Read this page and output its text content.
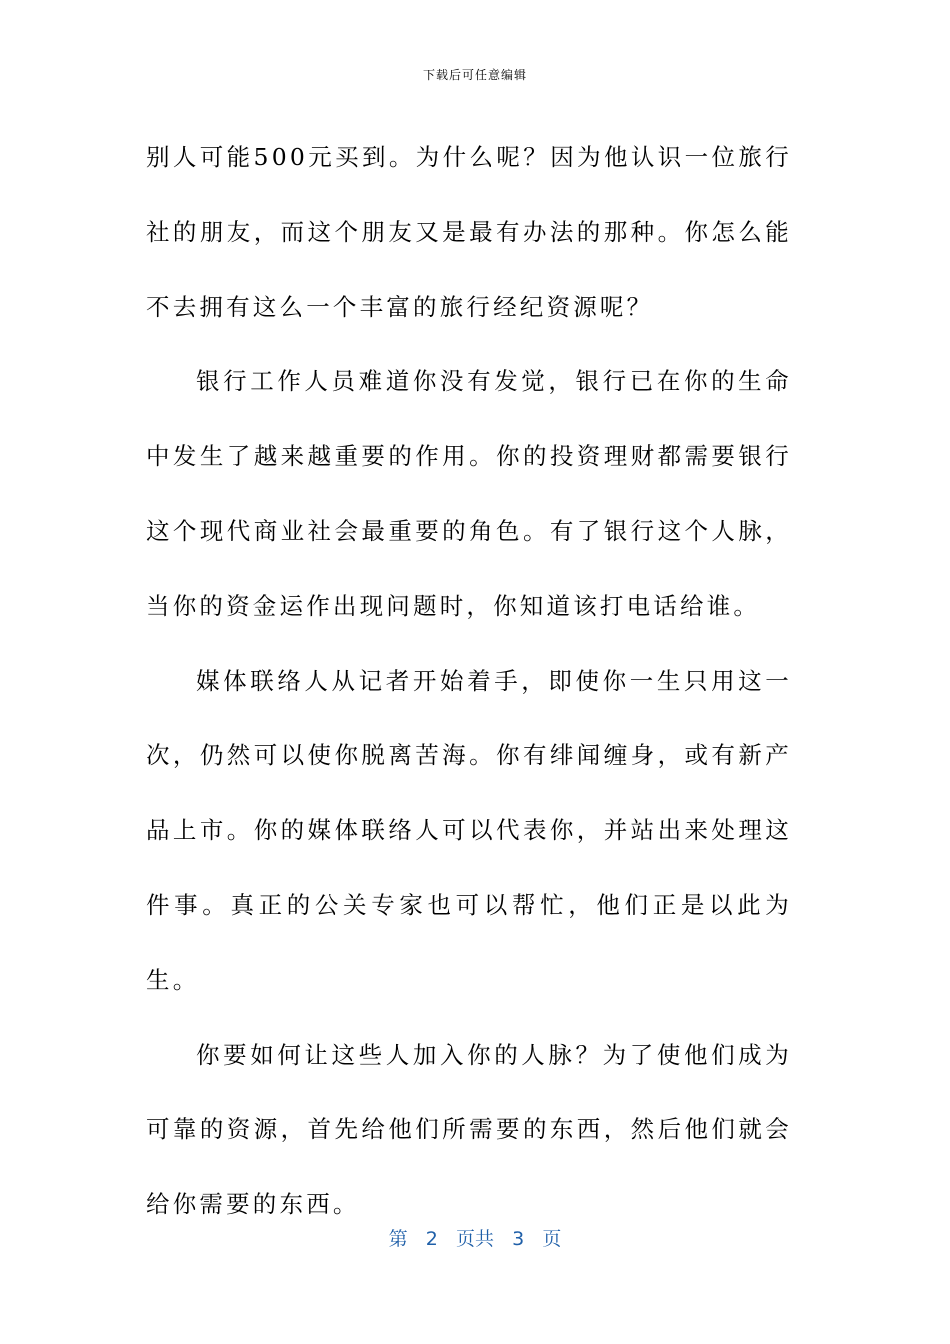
下载后可任意编辑

别人可能500元买到。为什么呢？因为他认识一位旅行社的朋友，而这个朋友又是最有办法的那种。你怎么能不去拥有这么一个丰富的旅行经纪资源呢？

银行工作人员难道你没有发觉，银行已在你的生命中发生了越来越重要的作用。你的投资理财都需要银行这个现代商业社会最重要的角色。有了银行这个人脉，当你的资金运作出现问题时，你知道该打电话给谁。

媒体联络人从记者开始着手，即使你一生只用这一次，仍然可以使你脱离苦海。你有绯闻缠身，或有新产品上市。你的媒体联络人可以代表你，并站出来处理这件事。真正的公关专家也可以帮忙，他们正是以此为生。

你要如何让这些人加入你的人脉？为了使他们成为可靠的资源，首先给他们所需要的东西，然后他们就会给你需要的东西。

第 2 页共 3 页
